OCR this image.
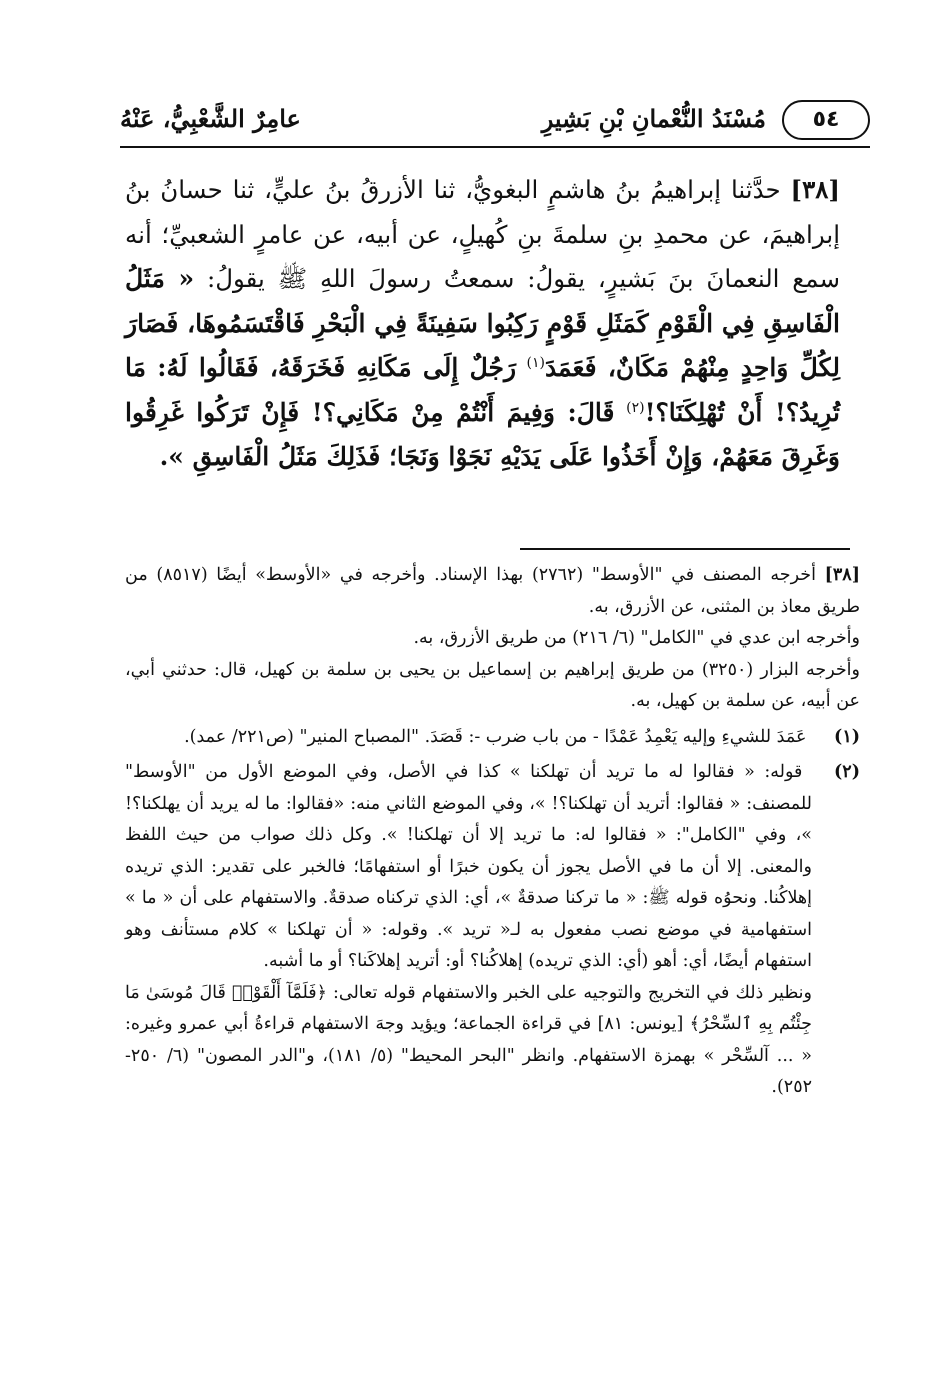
٥٤
مُسْنَدُ النُّعْمانِ بْنِ بَشِيرِ
عامِرٌ الشَّعْبِيُّ، عَنْهُ
[٣٨] حدَّثنا إبراهيمُ بنُ هاشمٍ البغويُّ، ثنا الأزرقُ بنُ عليٍّ، ثنا حسانُ بنُ إبراهيمَ، عن محمدِ بنِ سلمةَ بنِ كُهيلٍ، عن أبيه، عن عامرٍ الشعبيِّ؛ أنه سمع النعمانَ بنَ بَشيرٍ، يقولُ: سمعتُ رسولَ اللهِ ﷺ يقولُ: « مَثَلُ الْفَاسِقِ فِي الْقَوْمِ كَمَثَلِ قَوْمٍ رَكِبُوا سَفِينَةً فِي الْبَحْرِ فَاقْتَسَمُوهَا، فَصَارَ لِكُلِّ وَاحِدٍ مِنْهُمْ مَكَانٌ، فَعَمَدَ$^{(١)}$ رَجُلٌ إِلَى مَكَانِهِ فَخَرَقَهُ، فَقَالُوا لَهُ: مَا تُرِيدُ؟! أَنْ تُهْلِكَنَا؟!$^{(٢)}$ قَالَ: وَفِيمَ أَنْتُمْ مِنْ مَكَانِي؟! فَإِنْ تَرَكُوا غَرِقُوا وَغَرِقَ مَعَهُمْ، وَإِنْ أَخَذُوا عَلَى يَدَيْهِ نَجَوْا وَنَجَا؛ فَذَلِكَ مَثَلُ الْفَاسِقِ ».
[٣٨] أخرجه المصنف في "الأوسط" (٢٧٦٢) بهذا الإسناد. وأخرجه في «الأوسط» أيضًا (٨٥١٧) من طريق معاذ بن المثنى، عن الأزرق، به.

وأخرجه ابن عدي في "الكامل" (٦/ ٢١٦) من طريق الأزرق، به.

وأخرجه البزار (٣٢٥٠) من طريق إبراهيم بن إسماعيل بن يحيى بن سلمة بن كهيل، قال: حدثني أبي، عن أبيه، عن سلمة بن كهيل، به.

(١) عَمَدَ للشيءِ وإليه يَعْمِدُ عَمْدًا - من باب ضرب -: قَصَدَ. "المصباح المنير" (ص٢٢١/ عمد).
(٢) قوله: « فقالوا له ما تريد أن تهلكنا » كذا في الأصل، وفي الموضع الأول من "الأوسط" للمصنف: « فقالوا: أتريد أن تهلكنا؟! »، وفي الموضع الثاني منه: «فقالوا: ما له يريد أن يهلكنا؟! »، وفي "الكامل": « فقالوا له: ما تريد إلا أن تهلكنا! ». وكل ذلك صواب من حيث اللفظ والمعنى. إلا أن ما في الأصل يجوز أن يكون خبرًا أو استفهامًا؛ فالخبر على تقدير: الذي تريده إهلاكُنا. ونحوُه قوله ﷺ: « ما تركنا صدقةٌ »، أي: الذي تركناه صدقةٌ. والاستفهام على أن « ما » استفهامية في موضع نصب مفعول به لـ« تريد ». وقوله: « أن تهلكنا » كلام مستأنف وهو استفهام أيضًا، أي: أهو (أي: الذي تريده) إهلاكُنا؟ أو: أتريد إهلاكَنا؟ أو ما أشبه.

ونظير ذلك في التخريج والتوجيه على الخبر والاستفهام قوله تعالى: ﴿فَلَمَّآ أَلْقَوْا۟ قَالَ مُوسَىٰ مَا جِئْتُم بِهِ ٱلسِّحْرُ﴾ [يونس: ٨١] في قراءة الجماعة؛ ويؤيد وجهَ الاستفهام قراءةُ أبي عمرو وغيره: « ... آلسِّحْر » بهمزة الاستفهام. وانظر "البحر المحيط" (٥/ ١٨١)، و"الدر المصون" (٦/ ٢٥٠- ٢٥٢).
